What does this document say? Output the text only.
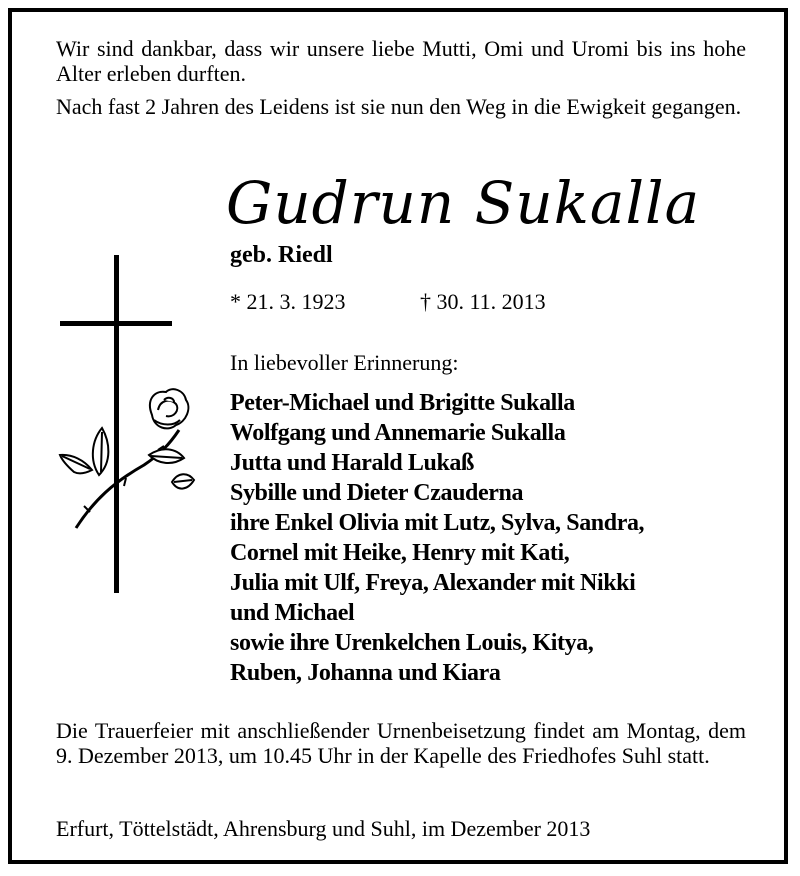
Wir sind dankbar, dass wir unsere liebe Mutti, Omi und Uromi bis ins hohe Alter erleben durften.

Nach fast 2 Jahren des Leidens ist sie nun den Weg in die Ewigkeit gegangen.

Gudrun Sukalla
geb. Riedl
* 21. 3. 1923	† 30. 11. 2013
In liebevoller Erinnerung:
Peter-Michael und Brigitte Sukalla
Wolfgang und Annemarie Sukalla
Jutta und Harald Lukaß
Sybille und Dieter Czauderna
ihre Enkel Olivia mit Lutz, Sylva, Sandra,
Cornel mit Heike, Henry mit Kati,
Julia mit Ulf, Freya, Alexander mit Nikki
und Michael
sowie ihre Urenkelchen Louis, Kitya,
Ruben, Johanna und Kiara
Die Trauerfeier mit anschließender Urnenbeisetzung findet am Montag, dem 9. Dezember 2013, um 10.45 Uhr in der Kapelle des Friedhofes Suhl statt.
Erfurt, Töttelstädt, Ahrensburg und Suhl, im Dezember 2013
